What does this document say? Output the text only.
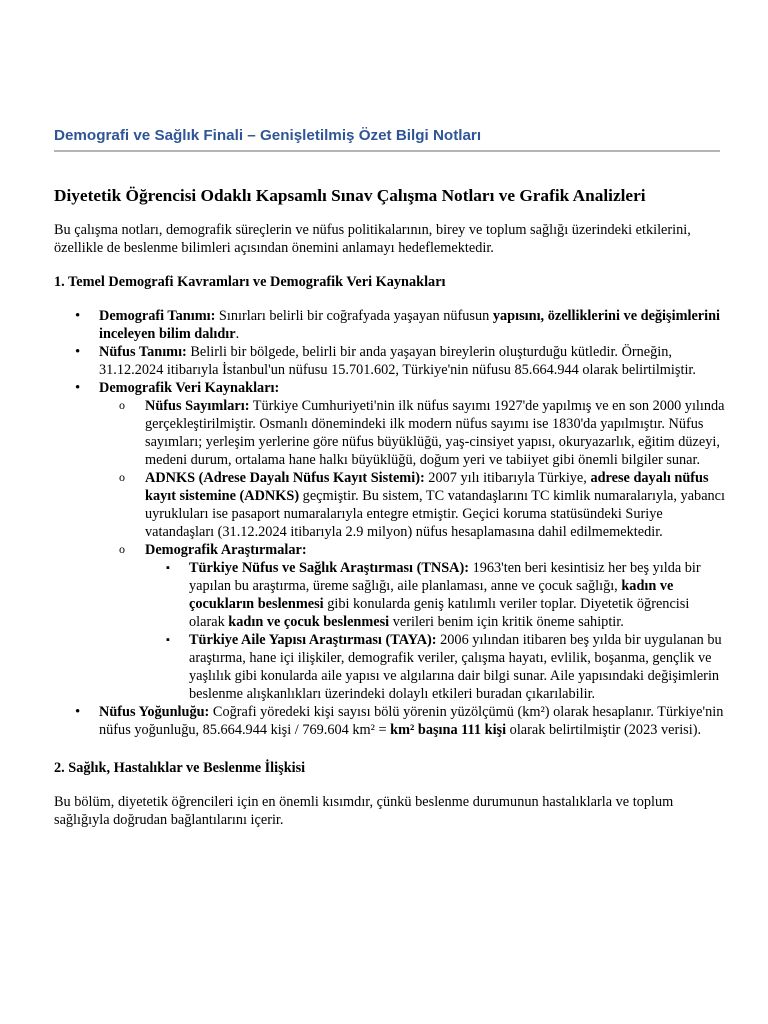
Demografi ve Sağlık Finali – Genişletilmiş Özet Bilgi Notları
Diyetetik Öğrencisi Odaklı Kapsamlı Sınav Çalışma Notları ve Grafik Analizleri

Bu çalışma notları, demografik süreçlerin ve nüfus politikalarının, birey ve toplum sağlığı üzerindeki etkilerini, özellikle de beslenme bilimleri açısından önemini anlamayı hedeflemektedir.

1. Temel Demografi Kavramları ve Demografik Veri Kaynakları
• Demografi Tanımı: Sınırları belirli bir coğrafyada yaşayan nüfusun yapısını, özelliklerini ve değişimlerini inceleyen bilim dalıdır.
• Nüfus Tanımı: Belirli bir bölgede, belirli bir anda yaşayan bireylerin oluşturduğu kütledir. Örneğin, 31.12.2024 itibarıyla İstanbul'un nüfusu 15.701.602, Türkiye'nin nüfusu 85.664.944 olarak belirtilmiştir.
• Demografik Veri Kaynakları:
o Nüfus Sayımları: Türkiye Cumhuriyeti'nin ilk nüfus sayımı 1927'de yapılmış ve en son 2000 yılında gerçekleştirilmiştir. Osmanlı dönemindeki ilk modern nüfus sayımı ise 1830'da yapılmıştır. Nüfus sayımları; yerleşim yerlerine göre nüfus büyüklüğü, yaş-cinsiyet yapısı, okuryazarlık, eğitim düzeyi, medeni durum, ortalama hane halkı büyüklüğü, doğum yeri ve tabiiyet gibi önemli bilgiler sunar.
o ADNKS (Adrese Dayalı Nüfus Kayıt Sistemi): 2007 yılı itibarıyla Türkiye, adrese dayalı nüfus kayıt sistemine (ADNKS) geçmiştir. Bu sistem, TC vatandaşlarını TC kimlik numaralarıyla, yabancı uyrukluları ise pasaport numaralarıyla entegre etmiştir. Geçici koruma statüsündeki Suriye vatandaşları (31.12.2024 itibarıyla 2.9 milyon) nüfus hesaplamasına dahil edilmemektedir.
o Demografik Araştırmalar:
▪ Türkiye Nüfus ve Sağlık Araştırması (TNSA): 1963'ten beri kesintisiz her beş yılda bir yapılan bu araştırma, üreme sağlığı, aile planlaması, anne ve çocuk sağlığı, kadın ve çocukların beslenmesi gibi konularda geniş katılımlı veriler toplar. Diyetetik öğrencisi olarak kadın ve çocuk beslenmesi verileri benim için kritik öneme sahiptir.
▪ Türkiye Aile Yapısı Araştırması (TAYA): 2006 yılından itibaren beş yılda bir uygulanan bu araştırma, hane içi ilişkiler, demografik veriler, çalışma hayatı, evlilik, boşanma, gençlik ve yaşlılık gibi konularda aile yapısı ve algılarına dair bilgi sunar. Aile yapısındaki değişimlerin beslenme alışkanlıkları üzerindeki dolaylı etkileri buradan çıkarılabilir.
• Nüfus Yoğunluğu: Coğrafi yöredeki kişi sayısı bölü yörenin yüzölçümü (km²) olarak hesaplanır. Türkiye'nin nüfus yoğunluğu, 85.664.944 kişi / 769.604 km² = km² başına 111 kişi olarak belirtilmiştir (2023 verisi).
2. Sağlık, Hastalıklar ve Beslenme İlişkisi

Bu bölüm, diyetetik öğrencileri için en önemli kısımdır, çünkü beslenme durumunun hastalıklarla ve toplum sağlığıyla doğrudan bağlantılarını içerir.
